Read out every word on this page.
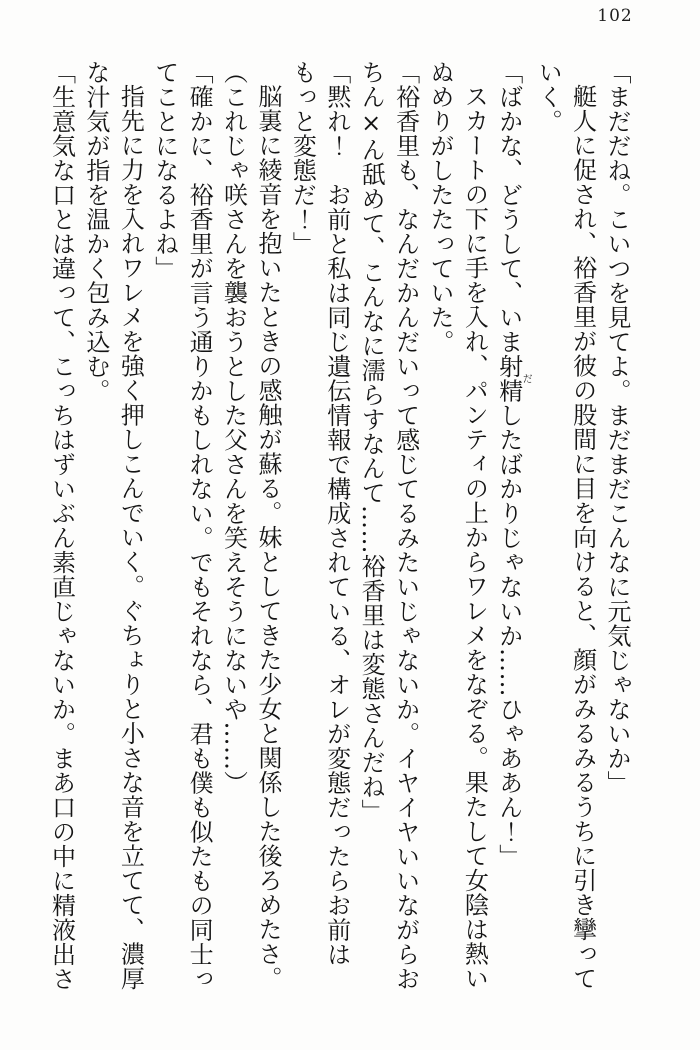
102
「まだだね。こいつを見てよ。まだまだこんなに元気じゃないか」
艇人に促され、裕香里が彼の股間に目を向けると、顔がみるみるうちに引き攣って
いく。
「ばかな、どうして、いま射精だしたばかりじゃないか……ひゃああん！」
スカートの下に手を入れ、パンティの上からワレメをなぞる。果たして女陰は熱い
ぬめりがしたたっていた。
「裕香里も、なんだかんだいって感じてるみたいじゃないか。イヤイヤいいながらお
ちん×ん舐めて、こんなに濡らすなんて……裕香里は変態さんだね」
「黙れ！　お前と私は同じ遺伝情報で構成されている、オレが変態だったらお前は
もっと変態だ！」
脳裏に綾音を抱いたときの感触が蘇る。妹としてきた少女と関係した後ろめたさ。
（これじゃ咲さんを襲おうとした父さんを笑えそうにないや……）
「確かに、裕香里が言う通りかもしれない。でもそれなら、君も僕も似たもの同士っ
てことになるよね」
指先に力を入れワレメを強く押しこんでいく。ぐちょりと小さな音を立てて、濃厚
な汁気が指を温かく包み込む。
「生意気な口とは違って、こっちはずいぶん素直じゃないか。まあ口の中に精液出さ
